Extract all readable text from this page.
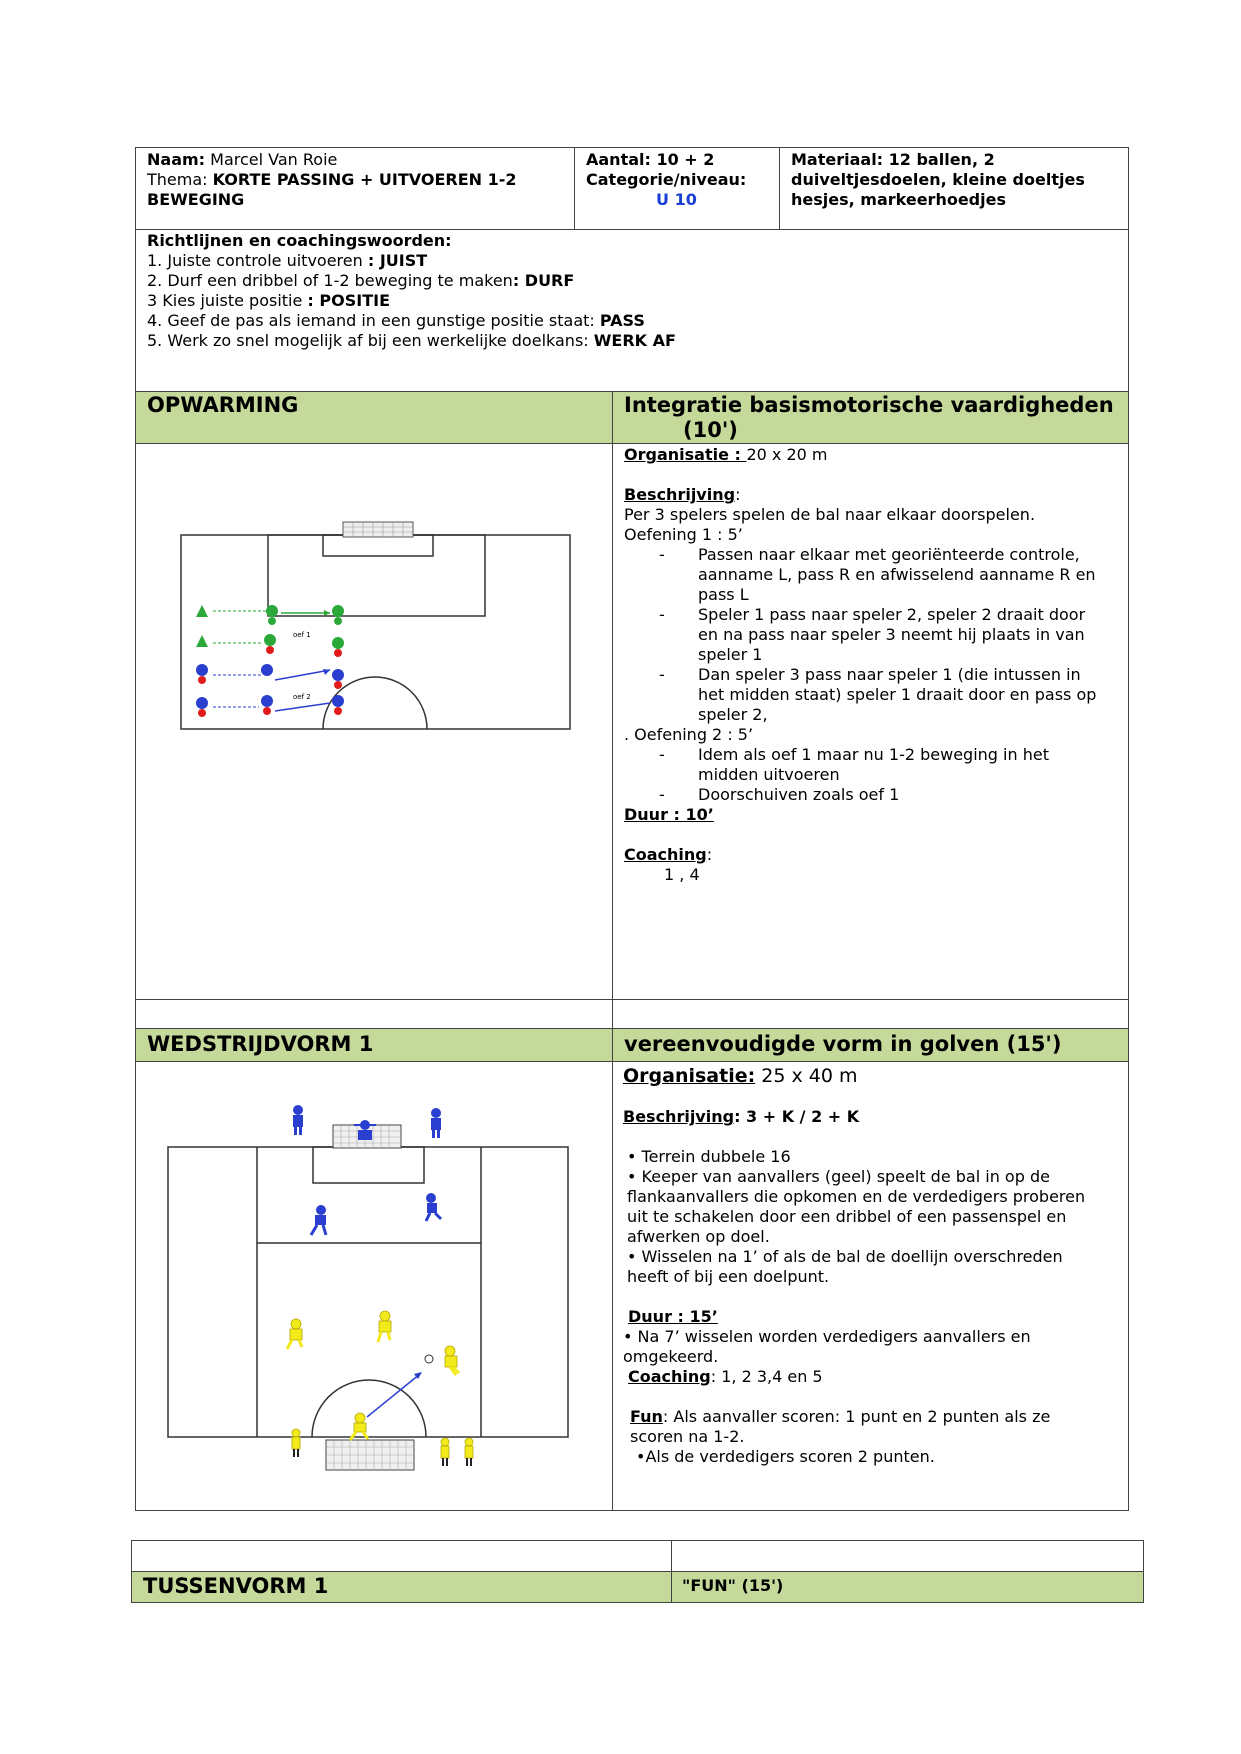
Naam: Marcel Van Roie
Thema: KORTE PASSING + UITVOEREN 1-2
BEWEGING
Aantal: 10 + 2
Categorie/niveau:
U 10
Materiaal: 12 ballen, 2
duiveltjesdoelen, kleine doeltjes
hesjes, markeerhoedjes
Richtlijnen en coachingswoorden:
1. Juiste controle uitvoeren : JUIST
2. Durf een dribbel of 1-2 beweging te maken: DURF
3 Kies juiste positie : POSITIE
4. Geef de pas als iemand in een gunstige positie staat: PASS
5. Werk zo snel mogelijk af bij een werkelijke doelkans: WERK AF
OPWARMING	Integratie basismotorische vaardigheden
(10')
oef 1
oef 2
Organisatie : 20 x 20 m

Beschrijving:
Per 3 spelers spelen de bal naar elkaar doorspelen.
Oefening 1 : 5’
- Passen naar elkaar met georiënteerde controle,
aanname L, pass R en afwisselend aanname R en
pass L
- Speler 1 pass naar speler 2, speler 2 draait door
en na pass naar speler 3 neemt hij plaats in van
speler 1
- Dan speler 3 pass naar speler 1 (die intussen in
het midden staat) speler 1 draait door en pass op
speler 2,
. Oefening 2 : 5’
- Idem als oef 1 maar nu 1-2 beweging in het
midden uitvoeren
- Doorschuiven zoals oef 1
Duur : 10’

Coaching:
1 , 4
WEDSTRIJDVORM 1	vereenvoudigde vorm in golven (15')
Organisatie: 25 x 40 m

Beschrijving: 3 + K / 2 + K

• Terrein dubbele 16
• Keeper van aanvallers (geel) speelt de bal in op de
flankaanvallers die opkomen en de verdedigers proberen
uit te schakelen door een dribbel of een passenspel en
afwerken op doel.
• Wisselen na 1’ of als de bal de doellijn overschreden
heeft of bij een doelpunt.

Duur : 15’
• Na 7’ wisselen worden verdedigers aanvallers en
omgekeerd.
Coaching: 1, 2 3,4 en 5

Fun: Als aanvaller scoren: 1 punt en 2 punten als ze
scoren na 1-2.
•Als de verdedigers scoren 2 punten.
TUSSENVORM 1	"FUN" (15')
